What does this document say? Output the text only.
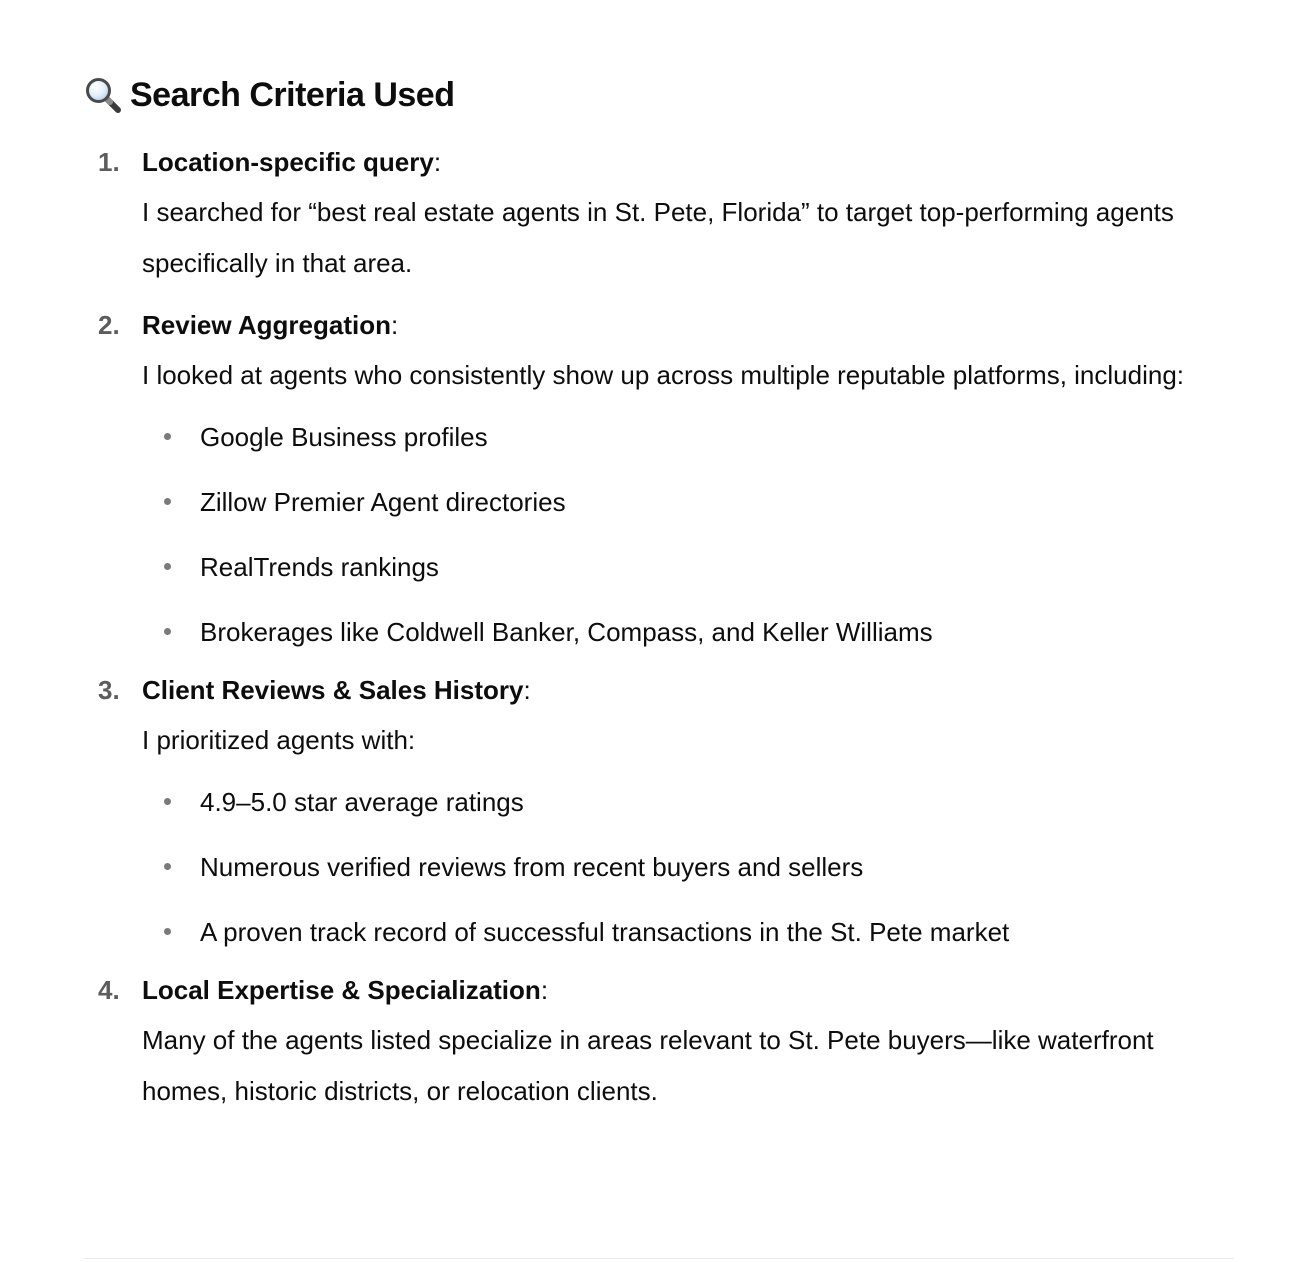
Search Criteria Used
1. Location-specific query:
I searched for “best real estate agents in St. Pete, Florida” to target top-performing agents specifically in that area.
2. Review Aggregation:
I looked at agents who consistently show up across multiple reputable platforms, including:
Google Business profiles
Zillow Premier Agent directories
RealTrends rankings
Brokerages like Coldwell Banker, Compass, and Keller Williams
3. Client Reviews & Sales History:
I prioritized agents with:
4.9–5.0 star average ratings
Numerous verified reviews from recent buyers and sellers
A proven track record of successful transactions in the St. Pete market
4. Local Expertise & Specialization:
Many of the agents listed specialize in areas relevant to St. Pete buyers—like waterfront homes, historic districts, or relocation clients.
